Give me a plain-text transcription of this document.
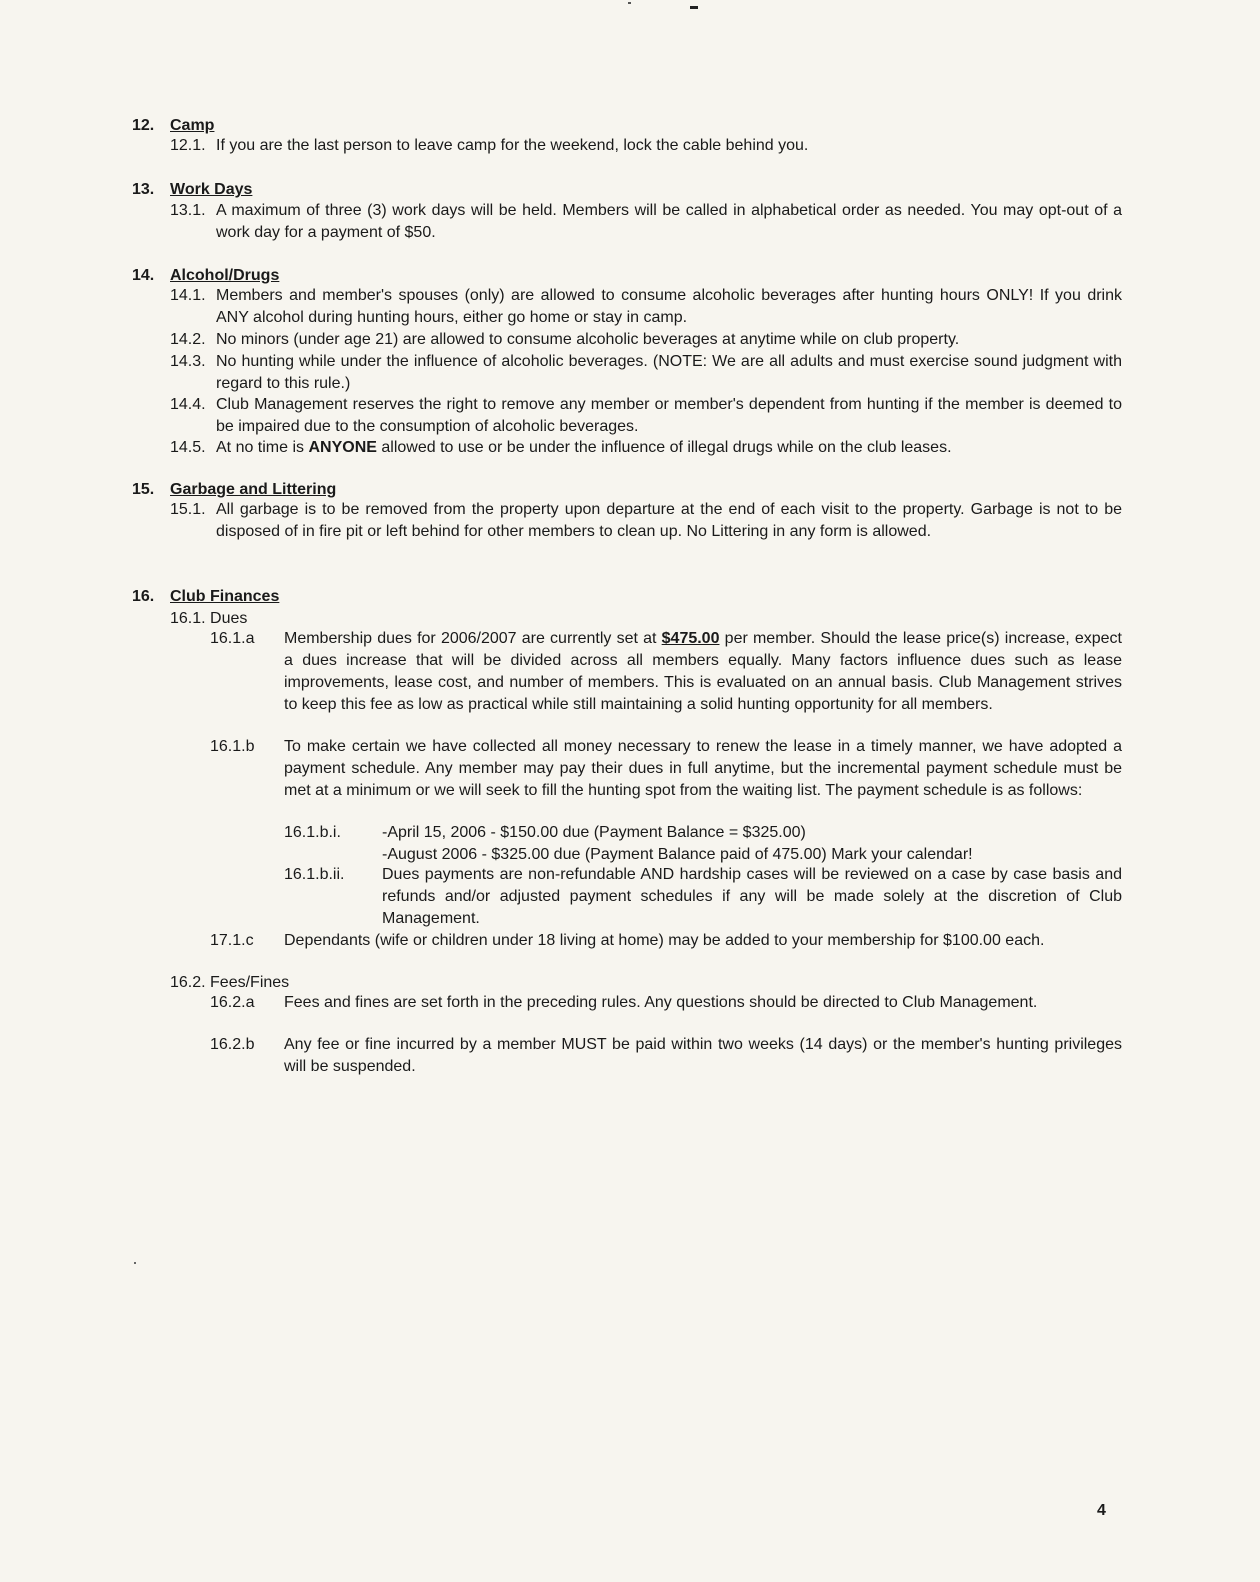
12. Camp
12.1. If you are the last person to leave camp for the weekend, lock the cable behind you.
13. Work Days
13.1. A maximum of three (3) work days will be held. Members will be called in alphabetical order as needed. You may opt-out of a work day for a payment of $50.
14. Alcohol/Drugs
14.1. Members and member's spouses (only) are allowed to consume alcoholic beverages after hunting hours ONLY! If you drink ANY alcohol during hunting hours, either go home or stay in camp.
14.2. No minors (under age 21) are allowed to consume alcoholic beverages at anytime while on club property.
14.3. No hunting while under the influence of alcoholic beverages. (NOTE: We are all adults and must exercise sound judgment with regard to this rule.)
14.4. Club Management reserves the right to remove any member or member's dependent from hunting if the member is deemed to be impaired due to the consumption of alcoholic beverages.
14.5. At no time is ANYONE allowed to use or be under the influence of illegal drugs while on the club leases.
15. Garbage and Littering
15.1. All garbage is to be removed from the property upon departure at the end of each visit to the property. Garbage is not to be disposed of in fire pit or left behind for other members to clean up. No Littering in any form is allowed.
16. Club Finances
16.1. Dues
16.1.a Membership dues for 2006/2007 are currently set at $475.00 per member. Should the lease price(s) increase, expect a dues increase that will be divided across all members equally. Many factors influence dues such as lease improvements, lease cost, and number of members. This is evaluated on an annual basis. Club Management strives to keep this fee as low as practical while still maintaining a solid hunting opportunity for all members.
16.1.b To make certain we have collected all money necessary to renew the lease in a timely manner, we have adopted a payment schedule. Any member may pay their dues in full anytime, but the incremental payment schedule must be met at a minimum or we will seek to fill the hunting spot from the waiting list. The payment schedule is as follows:
16.1.b.i.	-April 15, 2006 - $150.00 due (Payment Balance = $325.00)
-August 2006 - $325.00 due (Payment Balance paid of 475.00) Mark your calendar!
16.1.b.ii. Dues payments are non-refundable AND hardship cases will be reviewed on a case by case basis and refunds and/or adjusted payment schedules if any will be made solely at the discretion of Club Management.
17.1.c Dependants (wife or children under 18 living at home) may be added to your membership for $100.00 each.
16.2. Fees/Fines
16.2.a Fees and fines are set forth in the preceding rules. Any questions should be directed to Club Management.
16.2.b Any fee or fine incurred by a member MUST be paid within two weeks (14 days) or the member's hunting privileges will be suspended.
4
